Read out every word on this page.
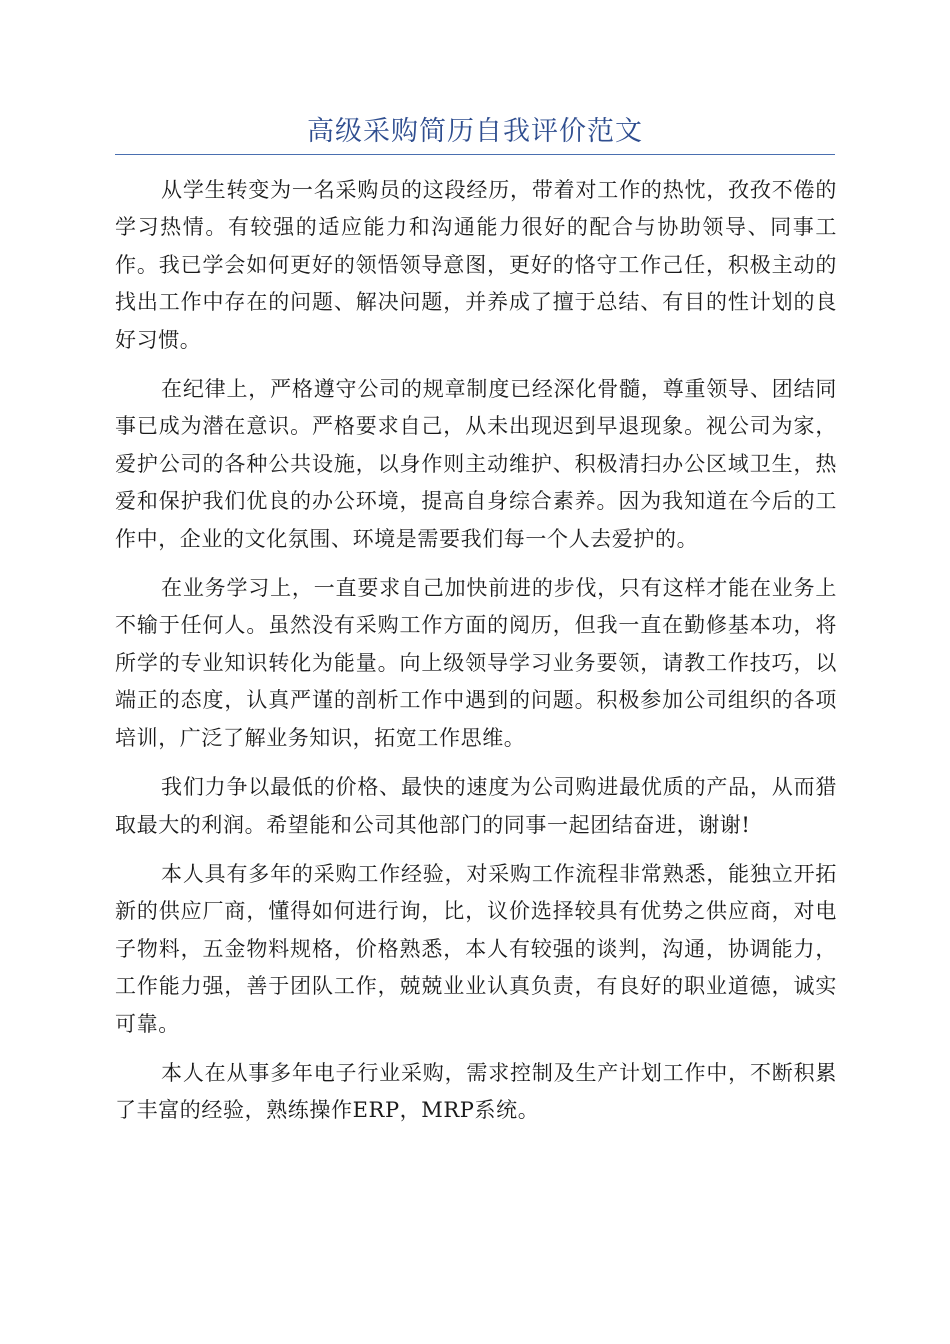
高级采购简历自我评价范文

从学生转变为一名采购员的这段经历，带着对工作的热忱，孜孜不倦的学习热情。有较强的适应能力和沟通能力很好的配合与协助领导、同事工作。我已学会如何更好的领悟领导意图，更好的恪守工作己任，积极主动的找出工作中存在的问题、解决问题，并养成了擅于总结、有目的性计划的良好习惯。

在纪律上，严格遵守公司的规章制度已经深化骨髓，尊重领导、团结同事已成为潜在意识。严格要求自己，从未出现迟到早退现象。视公司为家，爱护公司的各种公共设施，以身作则主动维护、积极清扫办公区域卫生，热爱和保护我们优良的办公环境，提高自身综合素养。因为我知道在今后的工作中，企业的文化氛围、环境是需要我们每一个人去爱护的。

在业务学习上，一直要求自己加快前进的步伐，只有这样才能在业务上不输于任何人。虽然没有采购工作方面的阅历，但我一直在勤修基本功，将所学的专业知识转化为能量。向上级领导学习业务要领，请教工作技巧，以端正的态度，认真严谨的剖析工作中遇到的问题。积极参加公司组织的各项培训，广泛了解业务知识，拓宽工作思维。

我们力争以最低的价格、最快的速度为公司购进最优质的产品，从而猎取最大的利润。希望能和公司其他部门的同事一起团结奋进，谢谢!

本人具有多年的采购工作经验，对采购工作流程非常熟悉，能独立开拓新的供应厂商，懂得如何进行询，比，议价选择较具有优势之供应商，对电子物料，五金物料规格，价格熟悉，本人有较强的谈判，沟通，协调能力，工作能力强，善于团队工作，兢兢业业认真负责，有良好的职业道德，诚实可靠。

本人在从事多年电子行业采购，需求控制及生产计划工作中，不断积累了丰富的经验，熟练操作ERP，MRP系统。
